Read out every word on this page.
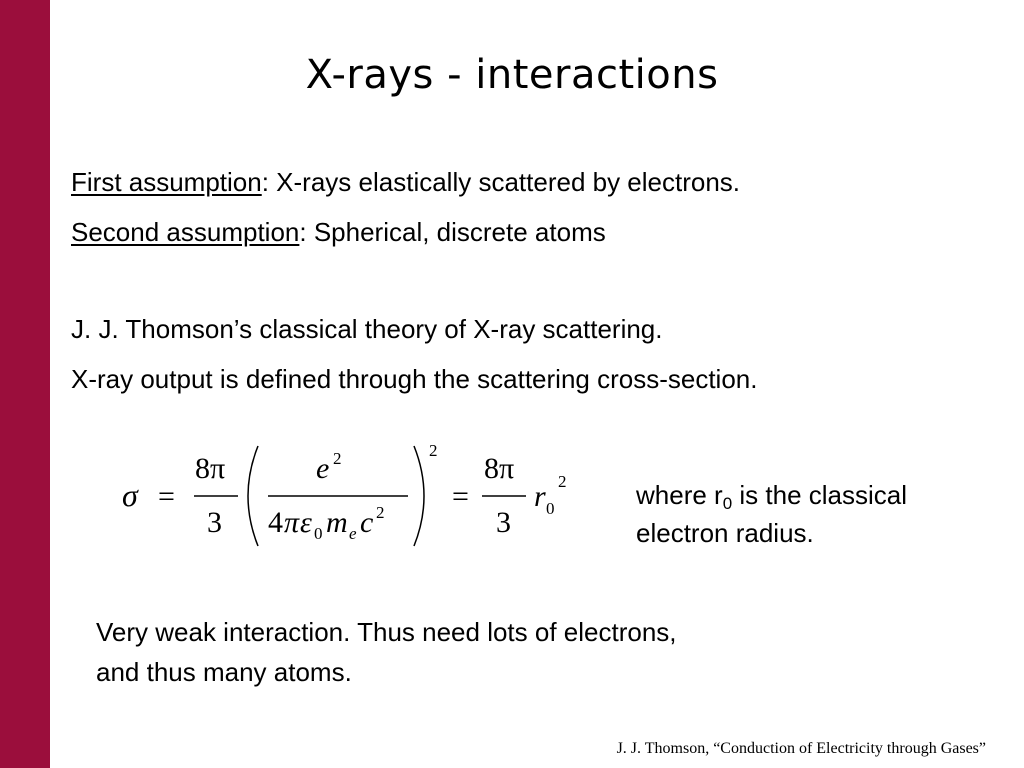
X-rays - interactions
First assumption: X-rays elastically scattered by electrons.
Second assumption: Spherical, discrete atoms
J. J. Thomson’s classical theory of X-ray scattering.
X-ray output is defined through the scattering cross-section.
σ =
8π
3
e 2
4 π ε 0 m e c 2
2
=
8π
3
r 0
2	where $r_0$ is the classical
electron radius.
Very weak interaction. Thus need lots of electrons,
and thus many atoms.
J. J. Thomson, “Conduction of Electricity through Gases”
